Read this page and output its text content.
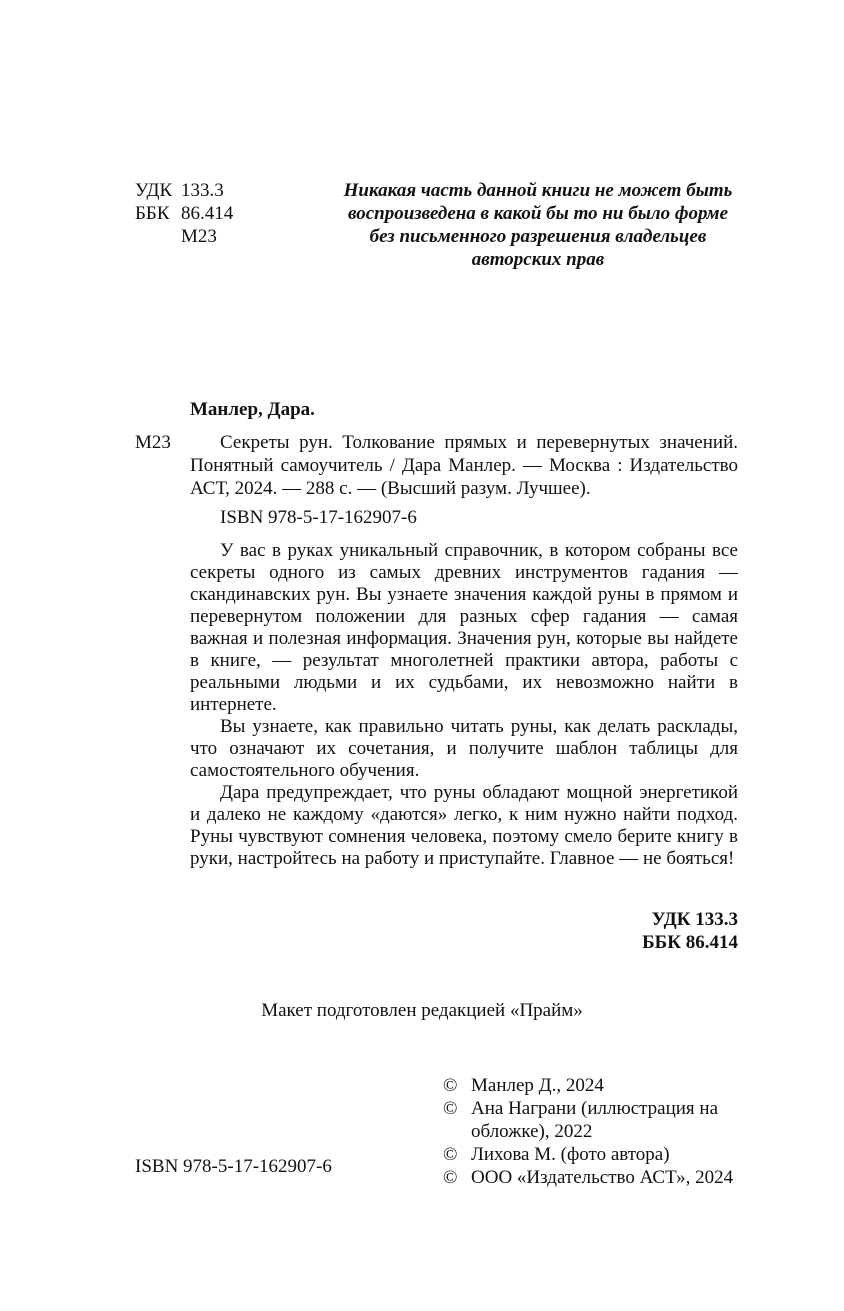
УДК 133.3
ББК 86.414
М23
Никакая часть данной книги не может быть
воспроизведена в какой бы то ни было форме
без письменного разрешения владельцев
авторских прав
Манлер, Дара.
М23	Секреты рун. Толкование прямых и перевернутых значений. Понятный самоучитель / Дара Манлер. — Москва : Издательство АСТ, 2024. — 288 с. — (Высший разум. Лучшее).

ISBN 978-5-17-162907-6

У вас в руках уникальный справочник, в котором собраны все секреты одного из самых древних инструментов гадания — скандинавских рун. Вы узнаете значения каждой руны в прямом и перевернутом положении для разных сфер гадания — самая важная и полезная информация. Значения рун, которые вы найдете в книге, — результат многолетней практики автора, работы с реальными людьми и их судьбами, их невозможно найти в интернете.

Вы узнаете, как правильно читать руны, как делать расклады, что означают их сочетания, и получите шаблон таблицы для самостоятельного обучения.

Дара предупреждает, что руны обладают мощной энергетикой и далеко не каждому «даются» легко, к ним нужно найти подход. Руны чувствуют сомнения человека, поэтому смело берите книгу в руки, настройтесь на работу и приступайте. Главное — не бояться!

УДК 133.3
ББК 86.414
Макет подготовлен редакцией «Прайм»
© Манлер Д., 2024
© Ана Награни (иллюстрация на обложке), 2022
© Лихова М. (фото автора)
© ООО «Издательство АСТ», 2024
ISBN 978-5-17-162907-6
